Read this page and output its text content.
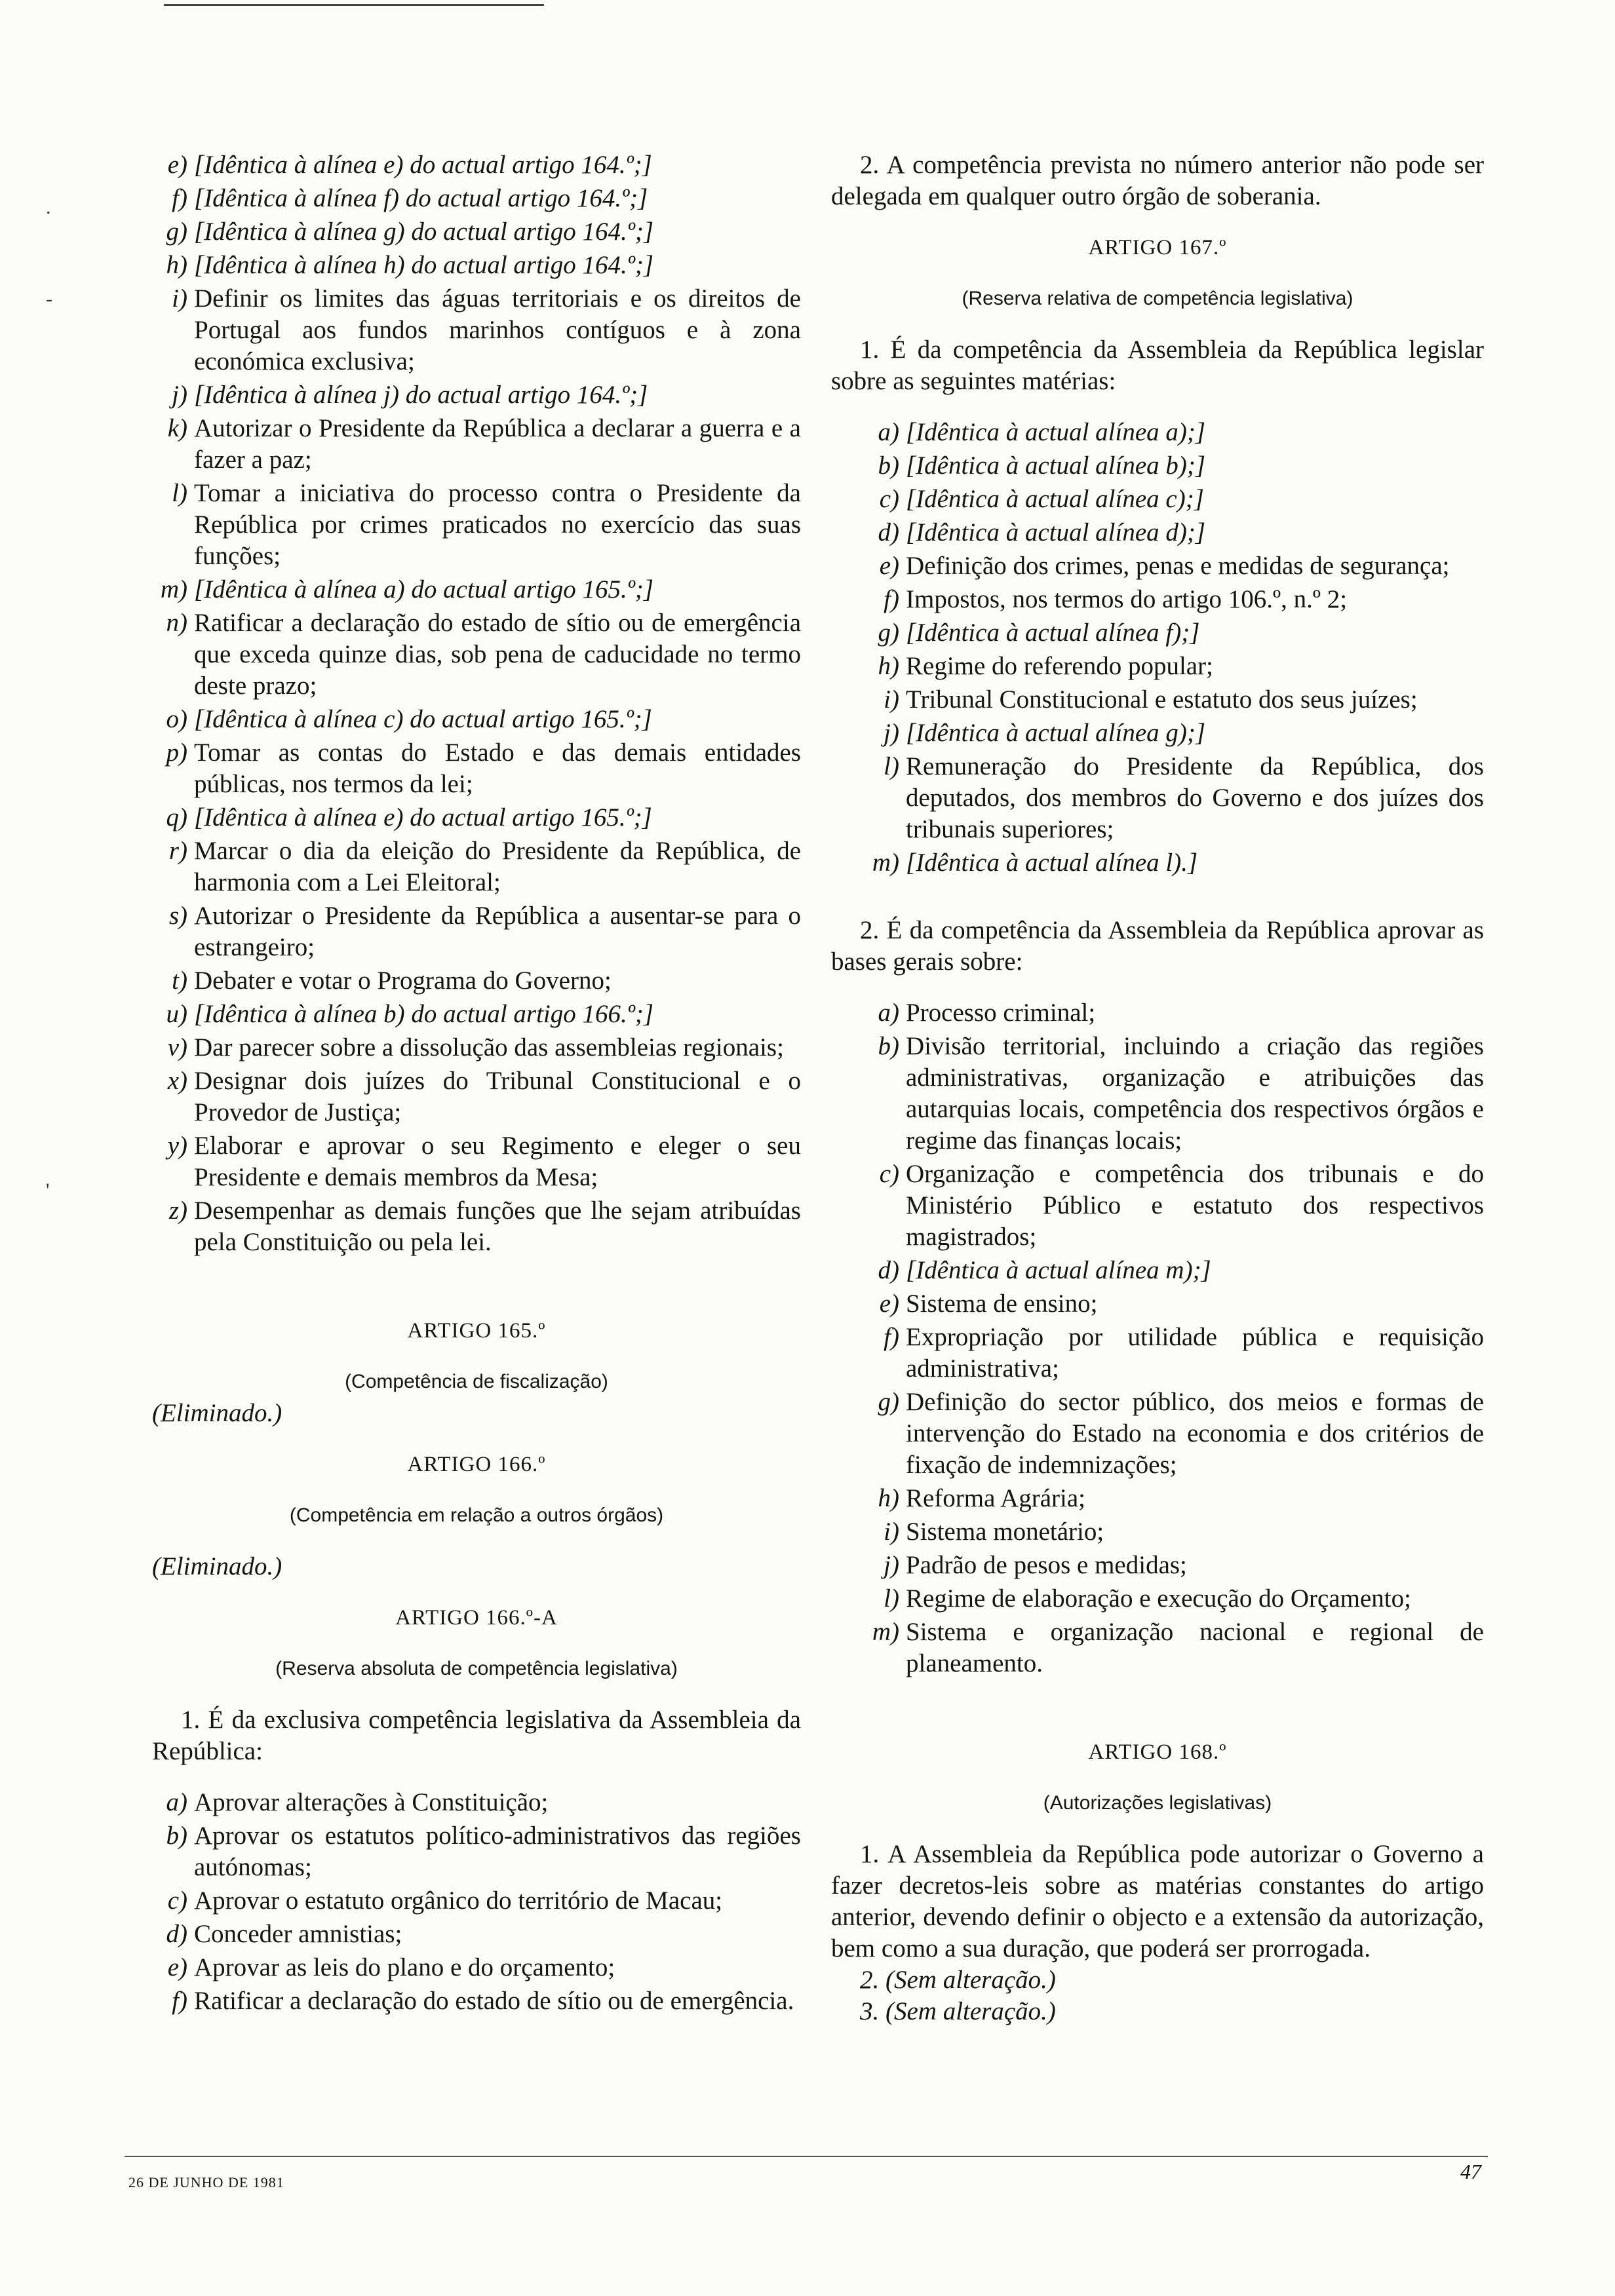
.
-
'
e) [Idêntica à alínea e) do actual artigo 164.º;]
f) [Idêntica à alínea f) do actual artigo 164.º;]
g) [Idêntica à alínea g) do actual artigo 164.º;]
h) [Idêntica à alínea h) do actual artigo 164.º;]
i) Definir os limites das águas territoriais e os direitos de Portugal aos fundos marinhos contíguos e à zona económica exclusiva;
j) [Idêntica à alínea j) do actual artigo 164.º;]
k) Autorizar o Presidente da República a declarar a guerra e a fazer a paz;
l) Tomar a iniciativa do processo contra o Presidente da República por crimes praticados no exercício das suas funções;
m) [Idêntica à alínea a) do actual artigo 165.º;]
n) Ratificar a declaração do estado de sítio ou de emergência que exceda quinze dias, sob pena de caducidade no termo deste prazo;
o) [Idêntica à alínea c) do actual artigo 165.º;]
p) Tomar as contas do Estado e das demais entidades públicas, nos termos da lei;
q) [Idêntica à alínea e) do actual artigo 165.º;]
r) Marcar o dia da eleição do Presidente da República, de harmonia com a Lei Eleitoral;
s) Autorizar o Presidente da República a ausentar-se para o estrangeiro;
t) Debater e votar o Programa do Governo;
u) [Idêntica à alínea b) do actual artigo 166.º;]
v) Dar parecer sobre a dissolução das assembleias regionais;
x) Designar dois juízes do Tribunal Constitucional e o Provedor de Justiça;
y) Elaborar e aprovar o seu Regimento e eleger o seu Presidente e demais membros da Mesa;
z) Desempenhar as demais funções que lhe sejam atribuídas pela Constituição ou pela lei.

ARTIGO 165.º

(Competência de fiscalização)

(Eliminado.)

ARTIGO 166.º

(Competência em relação a outros órgãos)

(Eliminado.)

ARTIGO 166.º-A

(Reserva absoluta de competência legislativa)

1. É da exclusiva competência legislativa da Assembleia da República:

a) Aprovar alterações à Constituição;
b) Aprovar os estatutos político-administrativos das regiões autónomas;
c) Aprovar o estatuto orgânico do território de Macau;
d) Conceder amnistias;
e) Aprovar as leis do plano e do orçamento;
f) Ratificar a declaração do estado de sítio ou de emergência.

2. A competência prevista no número anterior não pode ser delegada em qualquer outro órgão de soberania.

ARTIGO 167.º

(Reserva relativa de competência legislativa)

1. É da competência da Assembleia da República legislar sobre as seguintes matérias:

a) [Idêntica à actual alínea a);]
b) [Idêntica à actual alínea b);]
c) [Idêntica à actual alínea c);]
d) [Idêntica à actual alínea d);]
e) Definição dos crimes, penas e medidas de segurança;
f) Impostos, nos termos do artigo 106.º, n.º 2;
g) [Idêntica à actual alínea f);]
h) Regime do referendo popular;
i) Tribunal Constitucional e estatuto dos seus juízes;
j) [Idêntica à actual alínea g);]
l) Remuneração do Presidente da República, dos deputados, dos membros do Governo e dos juízes dos tribunais superiores;
m) [Idêntica à actual alínea l).]

2. É da competência da Assembleia da República aprovar as bases gerais sobre:

a) Processo criminal;
b) Divisão territorial, incluindo a criação das regiões administrativas, organização e atribuições das autarquias locais, competência dos respectivos órgãos e regime das finanças locais;
c) Organização e competência dos tribunais e do Ministério Público e estatuto dos respectivos magistrados;
d) [Idêntica à actual alínea m);]
e) Sistema de ensino;
f) Expropriação por utilidade pública e requisição administrativa;
g) Definição do sector público, dos meios e formas de intervenção do Estado na economia e dos critérios de fixação de indemnizações;
h) Reforma Agrária;
i) Sistema monetário;
j) Padrão de pesos e medidas;
l) Regime de elaboração e execução do Orçamento;
m) Sistema e organização nacional e regional de planeamento.

ARTIGO 168.º

(Autorizações legislativas)

1. A Assembleia da República pode autorizar o Governo a fazer decretos-leis sobre as matérias constantes do artigo anterior, devendo definir o objecto e a extensão da autorização, bem como a sua duração, que poderá ser prorrogada.

2. (Sem alteração.)

3. (Sem alteração.)

26 DE JUNHO DE 1981	47
